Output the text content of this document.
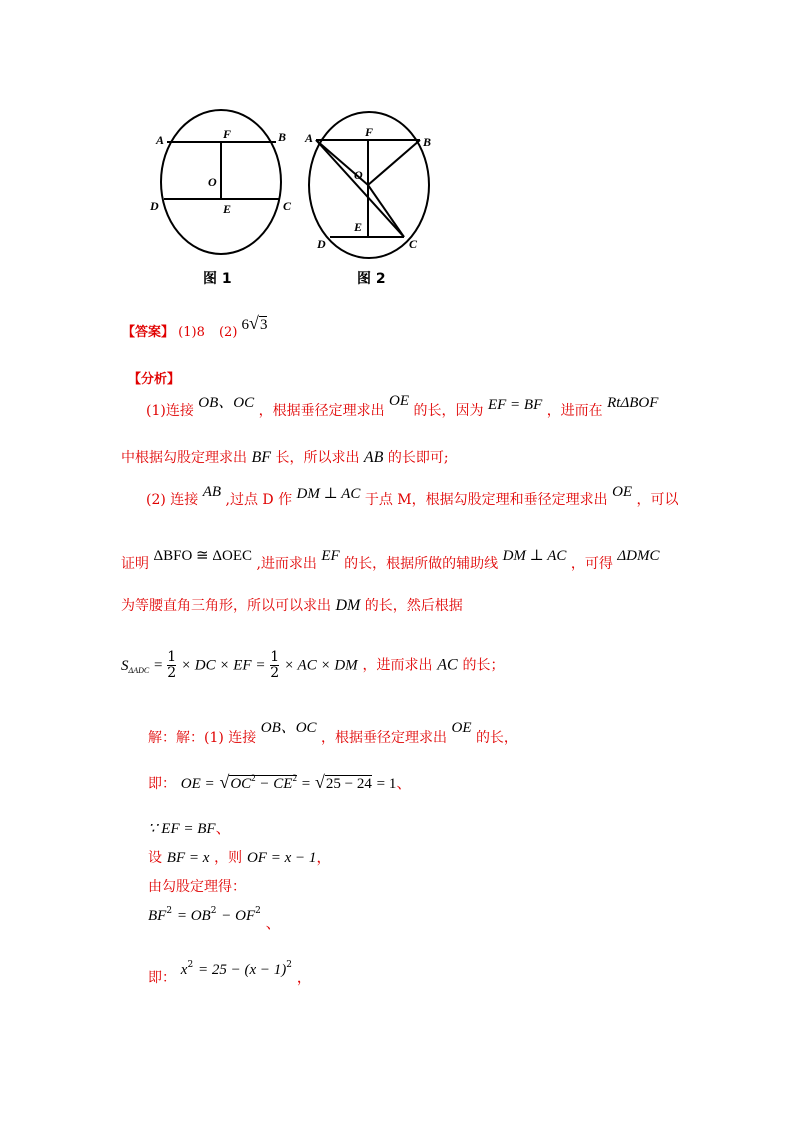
A	F	B
O
D	E	C
图 1
A	F
B
O
E
D	C
图 2
【答案】 (1)8 (2) 6√3
【分析】
(1)连接 OB、OC ，根据垂径定理求出 OE 的长，因为 EF = BF ，进而在 RtΔBOF
中根据勾股定理求出 BF 长，所以求出 AB 的长即可;
(2) 连接 AB ,过点 D 作 DM ⊥ AC 于点 M，根据勾股定理和垂径定理求出 OE ，可以
证明 ΔBFO ≅ ΔOEC ,进而求出 EF 的长，根据所做的辅助线 DM ⊥ AC ，可得 ΔDMC
为等腰直角三角形，所以可以求出 DM 的长，然后根据
$S_{\Delta ADC} = \frac{1}{2}$ × DC × EF = $\frac{1}{2}$ × AC × DM ，进而求出 AC 的长；
解：解：(1) 连接 OB、OC ，根据垂径定理求出 OE 的长，
即： OE = $√OC^2 - CE^2 = √25 - 24 = 1$、
∵ EF = BF、
设 BF = x ，则 OF = x − 1，
由勾股定理得：
$BF^2 = OB^2 - OF^2$ 、
即： $x^2 = 25 - (x - 1)^2$ ，
